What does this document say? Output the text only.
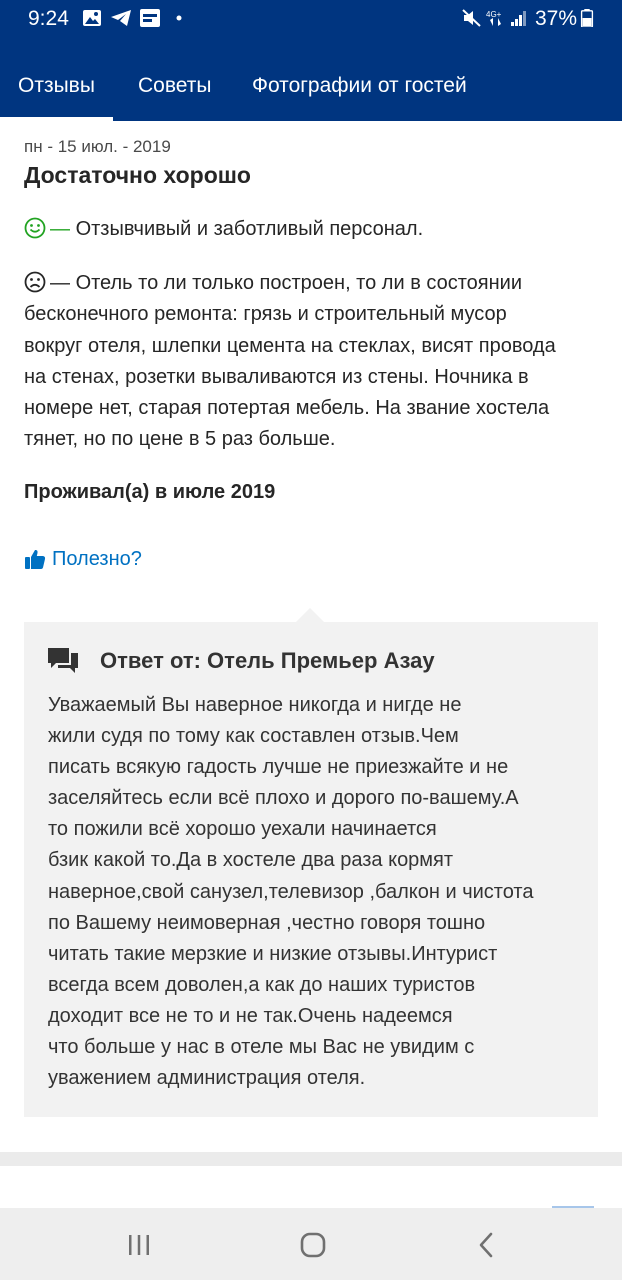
9:24	4G+ 37%
Отзывы Советы Фотографии от гостей
пн - 15 июл. - 2019
Достаточно хорошо
— Отзывчивый и заботливый персонал.
— Отель то ли только построен, то ли в состоянии
бесконечного ремонта: грязь и строительный мусор
вокруг отеля, шлепки цемента на стеклах, висят провода
на стенах, розетки вываливаются из стены. Ночника в
номере нет, старая потертая мебель. На звание хостела
тянет, но по цене в 5 раз больше.
Проживал(а) в июле 2019
Полезно?
Ответ от: Отель Премьер Азау
Уважаемый Вы наверное никогда и нигде не
жили судя по тому как составлен отзыв.Чем
писать всякую гадость лучше не приезжайте и не
заселяйтесь если всё плохо и дорого по-вашему.А
то пожили всё хорошо уехали начинается
бзик какой то.Да в хостеле два раза кормят
наверное,свой санузел,телевизор ,балкон и чистота
по Вашему неимоверная ,честно говоря тошно
читать такие мерзкие и низкие отзывы.Интурист
всегда всем доволен,а как до наших туристов
доходит все не то и не так.Очень надеемся
что больше у нас в отеле мы Вас не увидим с
уважением администрация отеля.
